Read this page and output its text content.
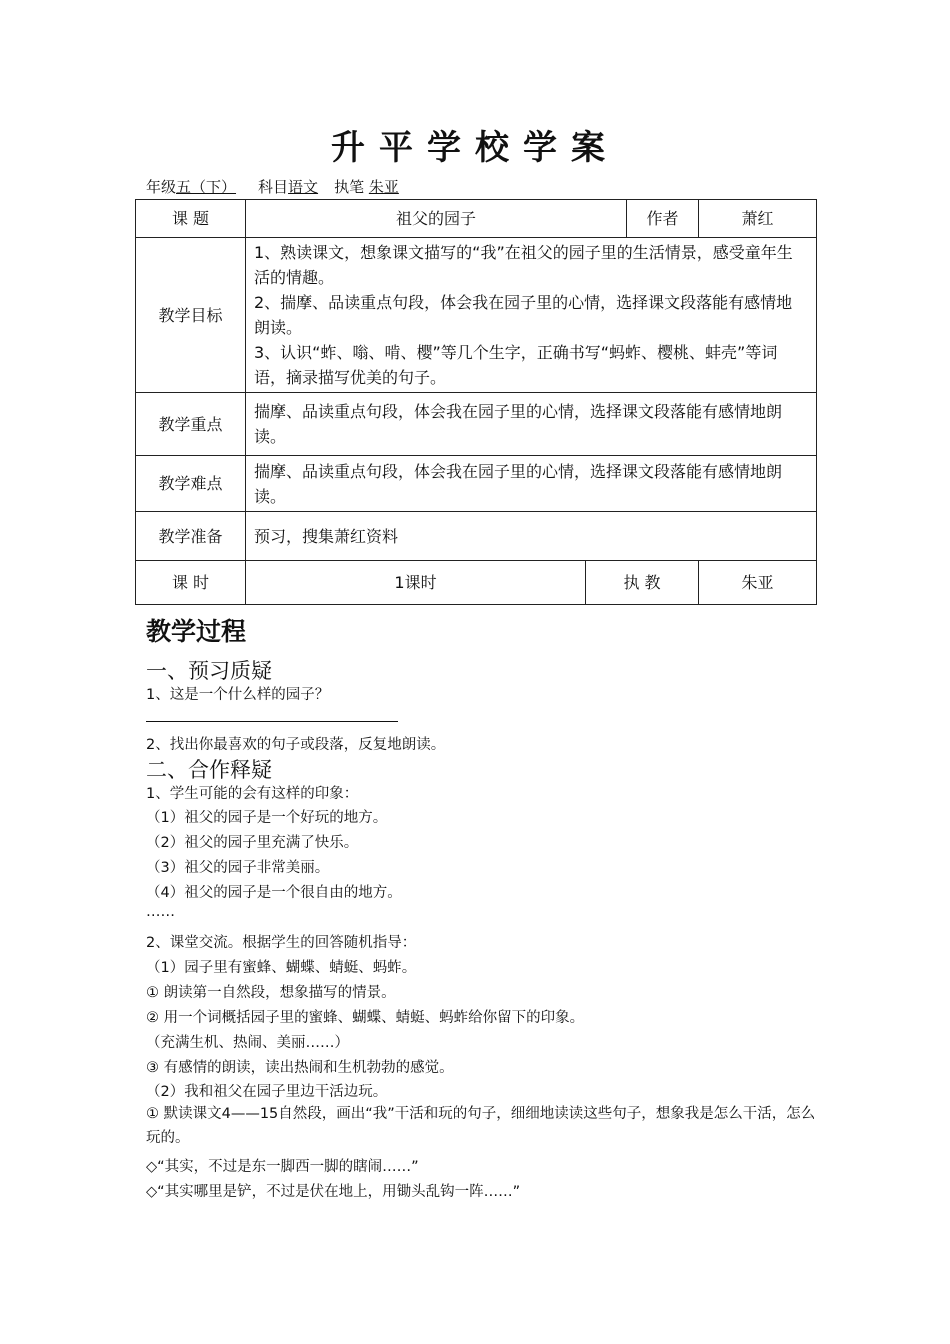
升平学校学案
年级五（下） 科目语文 执笔 朱亚
课 题	祖父的园子		作者	萧红
教学目标	1、熟读课文，想象课文描写的“我”在祖父的园子里的生活情景，感受童年生活的情趣。

2、揣摩、品读重点句段，体会我在园子里的心情，选择课文段落能有感情地朗读。

3、认识“蚱、嗡、啃、樱”等几个生字，正确书写“蚂蚱、樱桃、蚌壳”等词语，摘录描写优美的句子。			

教学重点	揣摩、品读重点句段，体会我在园子里的心情，选择课文段落能有感情地朗读。			
教学难点	揣摩、品读重点句段，体会我在园子里的心情，选择课文段落能有感情地朗读。			
教学准备	预习，搜集萧红资料			
课 时	1课时	执 教		朱亚
教学过程
一、预习质疑
1、这是一个什么样的园子？
2、找出你最喜欢的句子或段落，反复地朗读。
二、合作释疑
1、学生可能的会有这样的印象：
（1）祖父的园子是一个好玩的地方。
（2）祖父的园子里充满了快乐。
（3）祖父的园子非常美丽。
（4）祖父的园子是一个很自由的地方。
……
2、课堂交流。根据学生的回答随机指导：
（1）园子里有蜜蜂、蝴蝶、蜻蜓、蚂蚱。
① 朗读第一自然段，想象描写的情景。
② 用一个词概括园子里的蜜蜂、蝴蝶、蜻蜓、蚂蚱给你留下的印象。
（充满生机、热闹、美丽……）
③ 有感情的朗读，读出热闹和生机勃勃的感觉。
（2）我和祖父在园子里边干活边玩。
① 默读课文4——15自然段，画出“我”干活和玩的句子，细细地读读这些句子，想象我是怎么干活，怎么玩的。
◇“其实，不过是东一脚西一脚的瞎闹……”
◇“其实哪里是铲，不过是伏在地上，用锄头乱钩一阵……”
